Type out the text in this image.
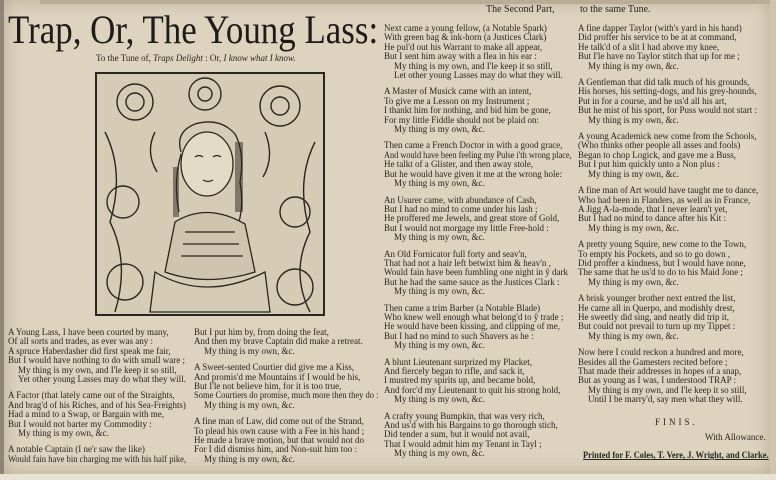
Trap, Or, The Young Lass:
To the Tune of, Traps Delight : Or, I know what I know.
A Young Lass, I have been courted by many,
Of all sorts and trades, as ever was any :
A spruce Haberdasher did first speak me fair,
But I would have nothing to do with small ware ;
My thing is my own, and I'le keep it so still,
Yet other young Lasses may do what they will.
A Factor (that lately came out of the Straights,
And brag'd of his Riches, and of his Sea-Freights)
Had a mind to a Swap, or Bargain with me,
But I would not barter my Commodity :
My thing is my own, &c.
A notable Captain (I ne'r saw the like)
Would fain have bin charging me with his half pike,
But I put him by, from doing the feat,
And then my brave Captain did make a retreat.
My thing is my own, &c.
A Sweet-sented Courtier did give me a Kiss,
And promis'd me Mountains if I would be his,
But I'le not believe him, for it is too true,
Some Courtiers do promise, much more then they do :
My thing is my own, &c.
A fine man of Law, did come out of the Strand,
To plead his own cause with a Fee in his hand ;
He made a brave motion, but that would not do
For I did dismiss him, and Non-suit him too :
My thing is my own, &c.
The Second Part,	to the same Tune.
Next came a young fellow, (a Notable Spark)
With green bag & ink-horn (a Justices Clark)
He pul'd out his Warrant to make all appear,
But I sent him away with a flea in his ear :
My thing is my own, and I'le keep it so still,
Let other young Lasses may do what they will.
A Master of Musick came with an intent,
To give me a Lesson on my Instrument ;
I thankt him for nothing, and bid him be gone,
For my little Fiddle should not be plaid on:
My thing is my own, &c.
Then came a French Doctor in with a good grace,
And would have been feeling my Pulse i'th wrong place,
He talkt of a Glister, and then away stole,
But he would have given it me at the wrong hole:
My thing is my own, &c.
An Usurer came, with abundance of Cash,
But I had no mind to come under his lash ;
He proffered me Jewels, and great store of Gold,
But I would not morgage my little Free-hold :
My thing is my own, &c.
An Old Fornicator full forty and seav'n,
That had not a hair left betwixt him & heav'n ,
Would fain have been fumbling one night in ŷ dark
But he had the same sauce as the Justices Clark :
My thing is my own, &c.
Then came a trim Barber (a Notable Blade)
Who knew well enough what belong'd to ŷ trade ;
He would have been kissing, and clipping of me,
But I had no mind to such Shavers as he :
My thing is my own, &c.
A blunt Lieutenant surprized my Placket,
And fiercely began to rifle, and sack it,
I mustred my spirits up, and became bold,
And forc'd my Lieutenant to quit his strong hold,
My thing is my own, &c.
A crafty young Bumpkin, that was very rich,
And us'd with his Bargains to go thorough stich,
Did tender a sum, but it would not avail,
That I would admit him my Tenant in Tayl ;
My thing is my own, &c.
A fine dapper Taylor (with's yard in his hand)
Did proffer his service to be at at command,
He talk'd of a slit I had above my knee,
But I'le have no Taylor stitch that up for me ;
My thing is my own, &c.
A Gentleman that did talk much of his grounds,
His horses, his setting-dogs, and his grey-hounds,
Put in for a course, and he us'd all his art,
But he mist of his sport, for Puss would not start :
My thing is my own, &c.
A young Academick new come from the Schools,
(Who thinks other people all asses and fools)
Began to chop Logick, and gave me a Buss,
But I put him quickly unto a Non plus :
My thing is my own, &c.
A fine man of Art would have taught me to dance,
Who had been in Flanders, as well as in France,
A Jigg A-la-mode, that I never learn't yet,
But I had no mind to dance after his Kit :
My thing is my own, &c.
A pretty young Squire, new come to the Town,
To empty his Pockets, and so to go down ,
Did proffer a kindness, but I would have none,
The same that he us'd to do to his Maid Jone ;
My thing is my own, &c.
A brisk younger brother next entred the list,
He came all in Querpo, and modishly drest,
He sweetly did sing, and neatly did trip it,
But could not prevail to turn up my Tippet :
My thing is my own, &c.
Now here I could reckon a hundred and more,
Besides all the Gamesters recited before ;
That made their addresses in hopes of a snap,
But as young as I was, I understood TRAP :
My thing is my own, and I'le keep it so still,
Until I be marry'd, say men what they will.
FINIS.
With Allowance.
Printed for F. Coles, T. Vere, J. Wright, and Clarke.
